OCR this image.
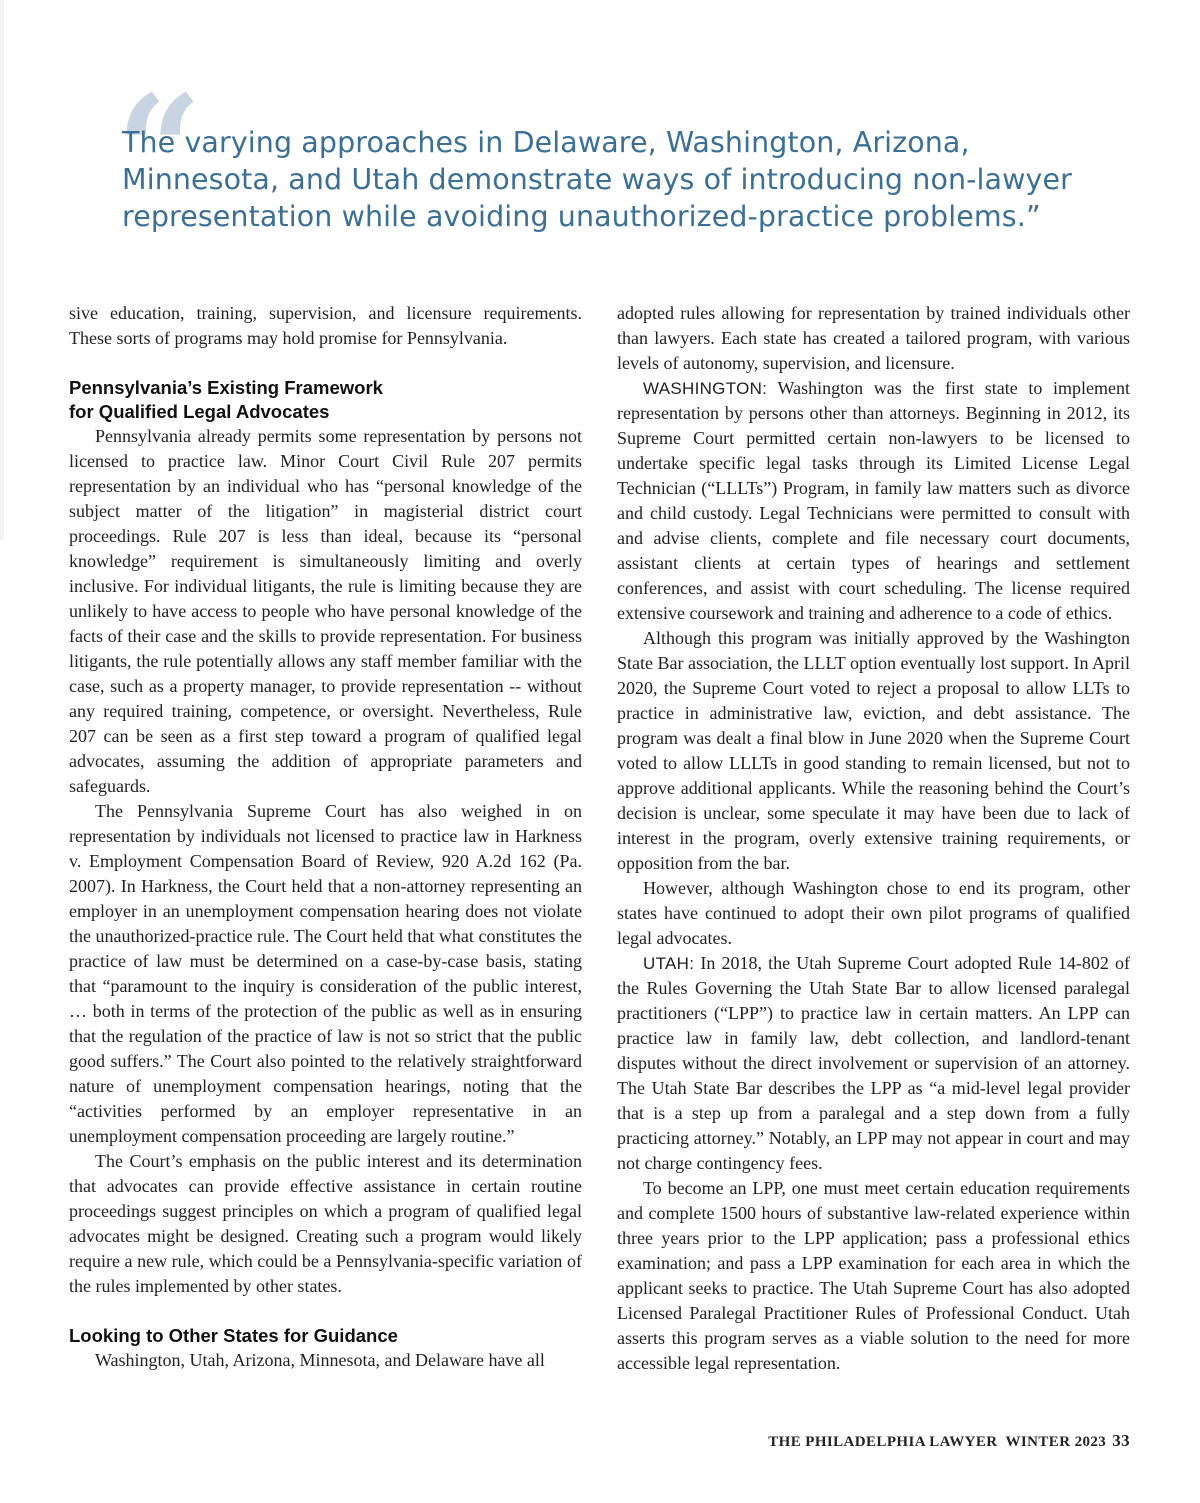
“

The varying approaches in Delaware, Washington, Arizona, Minnesota, and Utah demonstrate ways of introducing non-lawyer representation while avoiding unauthorized-practice problems.”

sive education, training, supervision, and licensure requirements. These sorts of programs may hold promise for Pennsylvania.

Pennsylvania’s Existing Framework
for Qualified Legal Advocates

Pennsylvania already permits some representation by persons not licensed to practice law. Minor Court Civil Rule 207 permits representation by an individual who has “personal knowledge of the subject matter of the litigation” in magisterial district court proceedings. Rule 207 is less than ideal, because its “personal knowledge” requirement is simultaneously limiting and overly inclusive. For individual litigants, the rule is limiting because they are unlikely to have access to people who have personal knowledge of the facts of their case and the skills to provide representation. For business litigants, the rule potentially allows any staff member familiar with the case, such as a property manager, to provide representation -- without any required training, competence, or oversight. Nevertheless, Rule 207 can be seen as a first step toward a program of qualified legal advocates, assuming the addition of appropriate parameters and safeguards.

The Pennsylvania Supreme Court has also weighed in on representation by individuals not licensed to practice law in Harkness v. Employment Compensation Board of Review, 920 A.2d 162 (Pa. 2007). In Harkness, the Court held that a non-attorney representing an employer in an unemployment compensation hearing does not violate the unauthorized-practice rule. The Court held that what constitutes the practice of law must be determined on a case-by-case basis, stating that “paramount to the inquiry is consideration of the public interest, … both in terms of the protection of the public as well as in ensuring that the regulation of the practice of law is not so strict that the public good suffers.” The Court also pointed to the relatively straightforward nature of unemployment compensation hearings, noting that the “activities performed by an employer representative in an unemployment compensation proceeding are largely routine.”

The Court’s emphasis on the public interest and its determination that advocates can provide effective assistance in certain routine proceedings suggest principles on which a program of qualified legal advocates might be designed. Creating such a program would likely require a new rule, which could be a Pennsylvania-specific variation of the rules implemented by other states.

Looking to Other States for Guidance

Washington, Utah, Arizona, Minnesota, and Delaware have all

adopted rules allowing for representation by trained individuals other than lawyers. Each state has created a tailored program, with various levels of autonomy, supervision, and licensure.

WASHINGTON: Washington was the first state to implement representation by persons other than attorneys. Beginning in 2012, its Supreme Court permitted certain non-lawyers to be licensed to undertake specific legal tasks through its Limited License Legal Technician (“LLLTs”) Program, in family law matters such as divorce and child custody. Legal Technicians were permitted to consult with and advise clients, complete and file necessary court documents, assistant clients at certain types of hearings and settlement conferences, and assist with court scheduling. The license required extensive coursework and training and adherence to a code of ethics.

Although this program was initially approved by the Washington State Bar association, the LLLT option eventually lost support. In April 2020, the Supreme Court voted to reject a proposal to allow LLTs to practice in administrative law, eviction, and debt assistance. The program was dealt a final blow in June 2020 when the Supreme Court voted to allow LLLTs in good standing to remain licensed, but not to approve additional applicants. While the reasoning behind the Court’s decision is unclear, some speculate it may have been due to lack of interest in the program, overly extensive training requirements, or opposition from the bar.

However, although Washington chose to end its program, other states have continued to adopt their own pilot programs of qualified legal advocates.

UTAH: In 2018, the Utah Supreme Court adopted Rule 14-802 of the Rules Governing the Utah State Bar to allow licensed paralegal practitioners (“LPP”) to practice law in certain matters. An LPP can practice law in family law, debt collection, and landlord-tenant disputes without the direct involvement or supervision of an attorney. The Utah State Bar describes the LPP as “a mid-level legal provider that is a step up from a paralegal and a step down from a fully practicing attorney.” Notably, an LPP may not appear in court and may not charge contingency fees.

To become an LPP, one must meet certain education requirements and complete 1500 hours of substantive law-related experience within three years prior to the LPP application; pass a professional ethics examination; and pass a LPP examination for each area in which the applicant seeks to practice. The Utah Supreme Court has also adopted Licensed Paralegal Practitioner Rules of Professional Conduct. Utah asserts this program serves as a viable solution to the need for more accessible legal representation.

THE PHILADELPHIA LAWYER  WINTER 2023 33
